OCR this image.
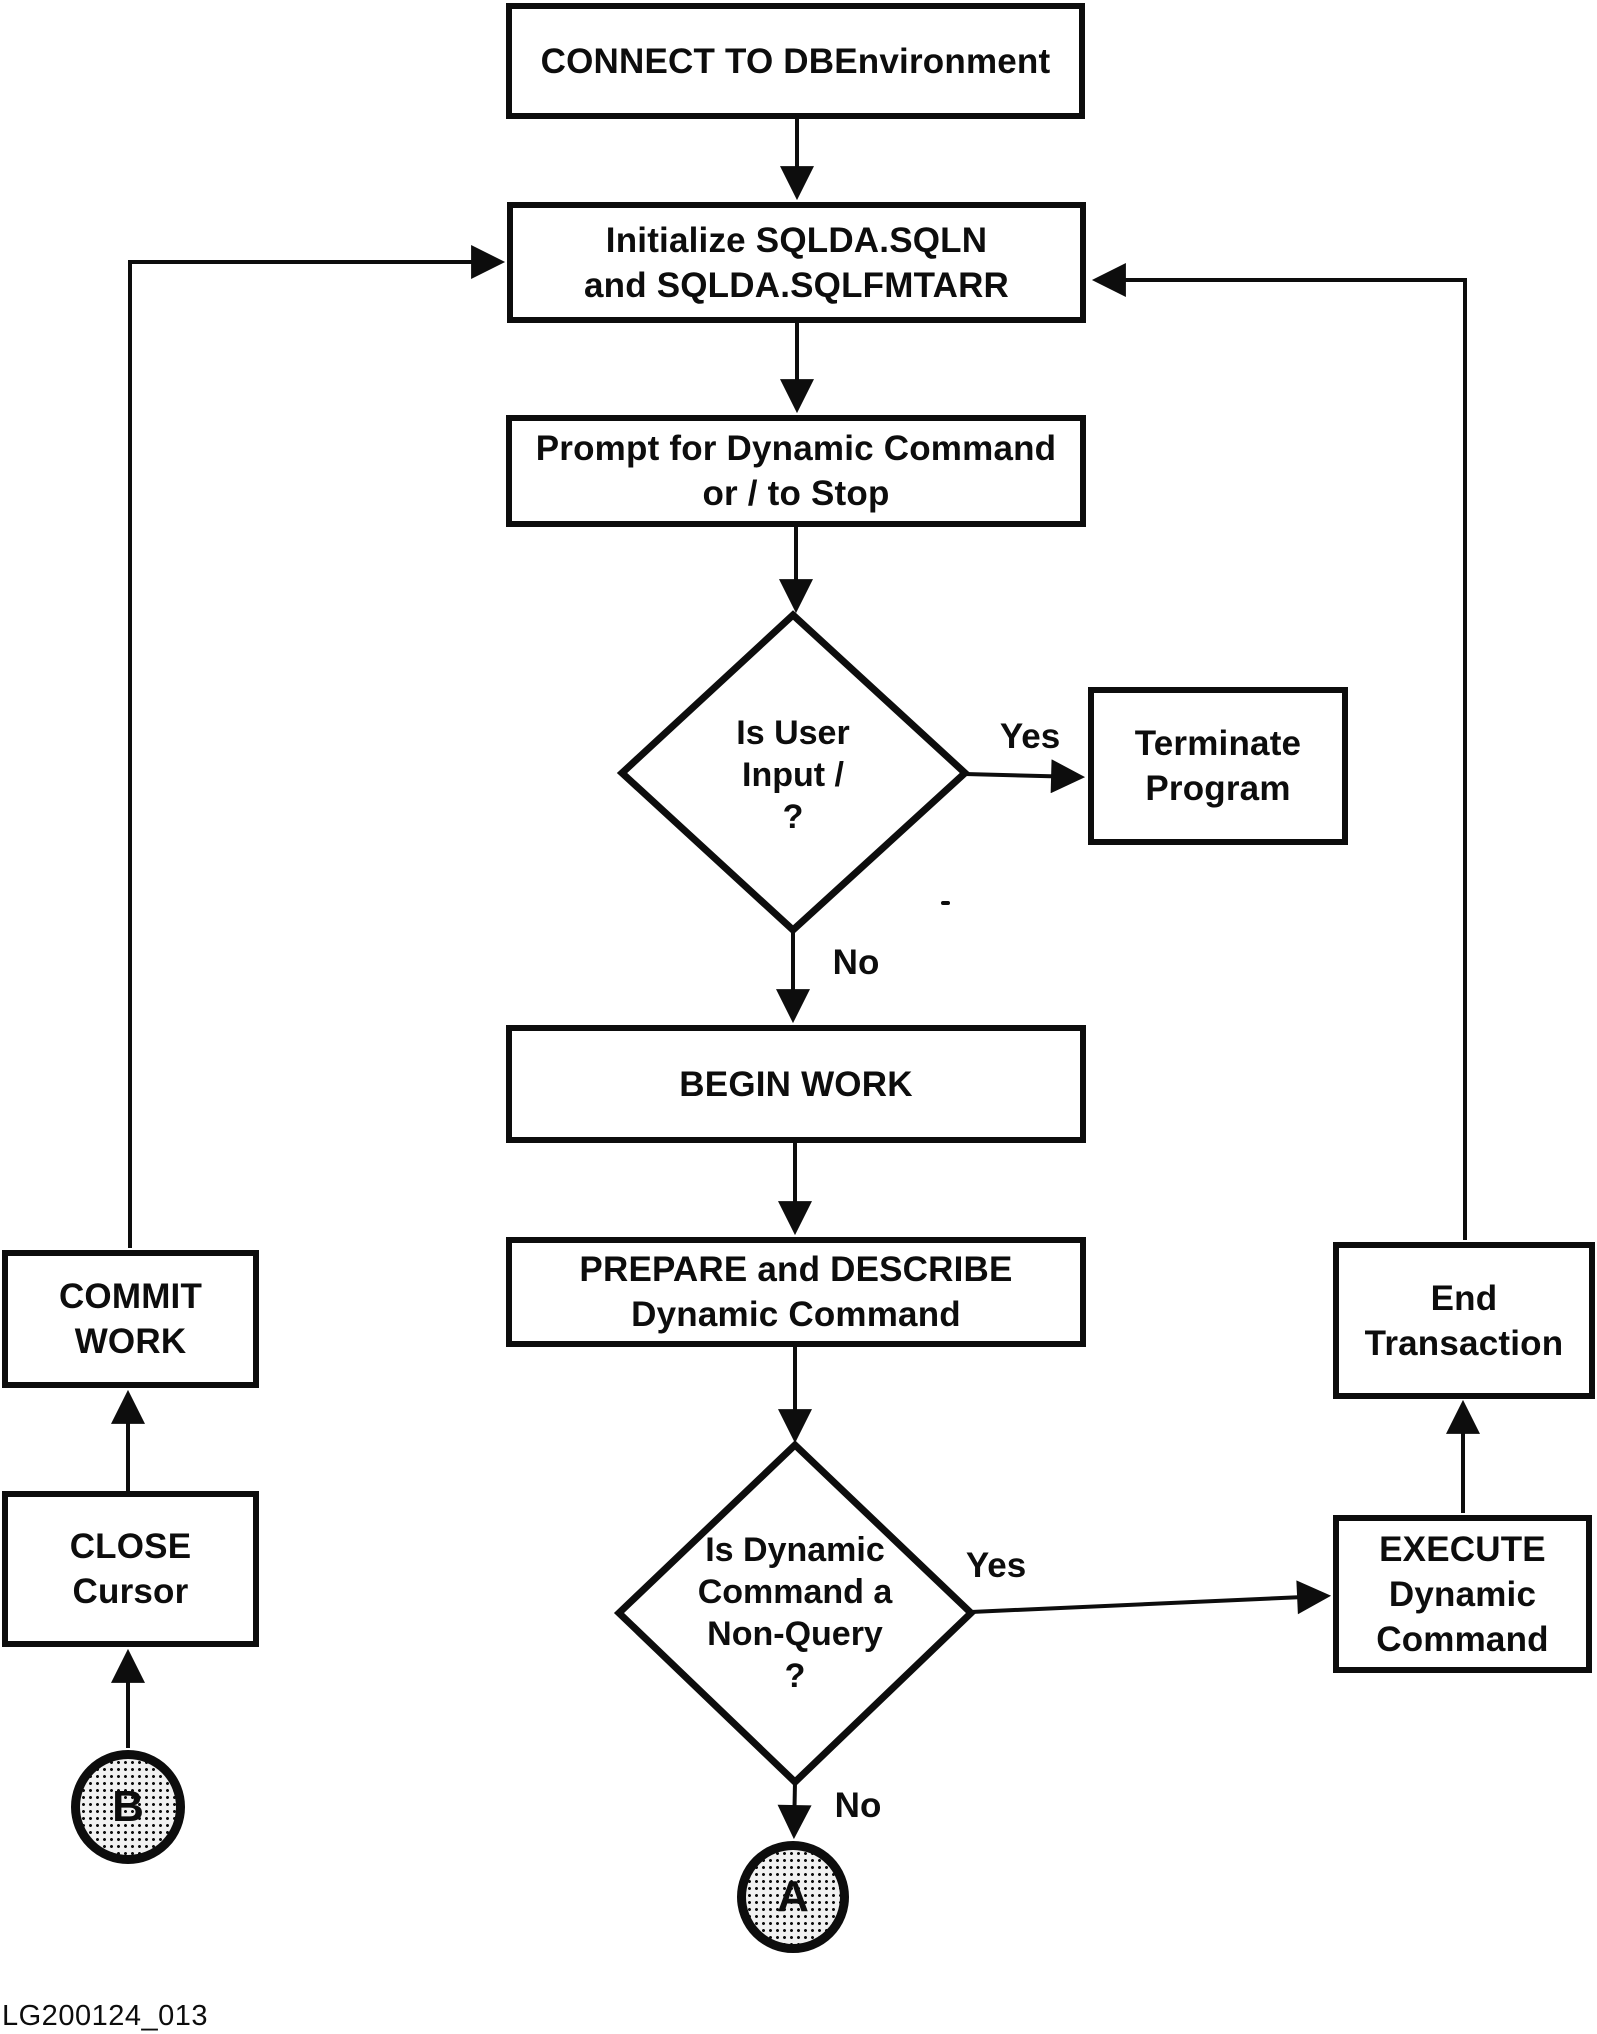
CONNECT TO DBEnvironment
Initialize SQLDA.SQLN
and SQLDA.SQLFMTARR
Prompt for Dynamic Command
or / to Stop
Terminate
Program
BEGIN WORK
PREPARE and DESCRIBE
Dynamic Command	End
Transaction
EXECUTE
Dynamic
Command
COMMIT
WORK
CLOSE
Cursor
Is User
Input /
?
Is Dynamic
Command a
Non-Query
?
A
B
Yes
No
Yes
No
LG200124_013
